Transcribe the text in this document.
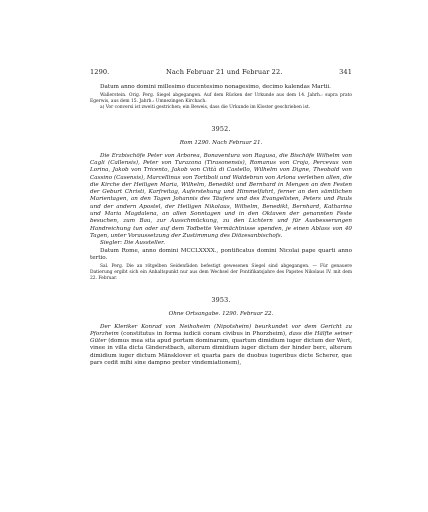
1290.	Nach Februar 21 und Februar 22.	341

Datum anno domini millesimo ducentesimo nonagesimo, decimo kalendas Martii.

Wallerstein. Orig. Perg. Siegel abgegangen. Auf dem Rücken der Urkunde aus dem 14. Jahrh.: supra prato Egerwis, aus dem 15. Jahrh.: Umnezingen Kirchach.

a) Vor conversi ist zweiti gestrichen; ein Beweis, dass die Urkunde im Kloster geschrieben ist.

3952.
Rom 1290. Nach Februar 21.

Die Erzbischöfe Peter von Arborea, Bonaventura von Ragusa, die Bischöfe Wilhelm von Cagli (Callensis), Peter von Turazona (Tirasonensis), Romanus von Croja, Percevus von Lorina, Jakob von Tricento, Jakob von Città di Castello, Wilhelm von Digne, Theobald von Cassino (Casensis), Marcellinus von Tortiboli und Waldebrun von Arlona verleihen allen, die die Kirche der Heiligen Maria, Wilhelm, Benedikt und Bernhard in Mengen an den Festen der Geburt Christi, Karfreitag, Auferstehung und Himmelfahrt, ferner an den sämtlichen Marientagen, an den Tagen Johannis des Täufers und des Evangelisten, Peters und Pauls und der andern Apostel, der Heiligen Nikolaus, Wilhelm, Benedikt, Bernhard, Katharina und Maria Magdalena, an allen Sonntagen und in den Oktaven der genannten Feste besuchen, zum Bau, zur Ausschmückung, zu den Lichtern und für Ausbesserungen Handreichung tun oder auf dem Todbette Vermächtnisse spenden, je einen Ablass von 40 Tagen, unter Voraussetzung der Zustimmung des Diözesanbischofs.

Siegler: Die Aussteller.

Datum Rome, anno domini MCCLXXXX., pontificatus domini Nicolai pape quarti anno tertio.

Sal. Perg. Die an rötgelben Seidenfäden befestigt gewesenen Siegel sind abgegangen. — Für genauere Datierung ergibt sich ein Anhaltspunkt nur aus dem Wechsel der Pontifikatsjahre des Papstes Nikolaus IV. mit dem 22. Februar.

3953.
Ohne Ortsangabe. 1290. Februar 22.

Der Kleriker Konrad von Neihoheim (Nipotsheim) beurkundet vor dem Gericht zu Pforzheim (constitutus in forma iudicii coram civibus in Phorzheim), dass die Hälfte seiner Güter (domus mea sita apud portam dominarum, quartum dimidium iuger dictum der Wert, vinee in villa dicta Ginderstbach, alterum dimidium iuger dictum der hinder berc, alterum dimidium iuger dictum Mänsklover et quarta pars de duobus iugeribus dicte Scherer, que pars cedit mihi sine dampno preter vindemiationem),
